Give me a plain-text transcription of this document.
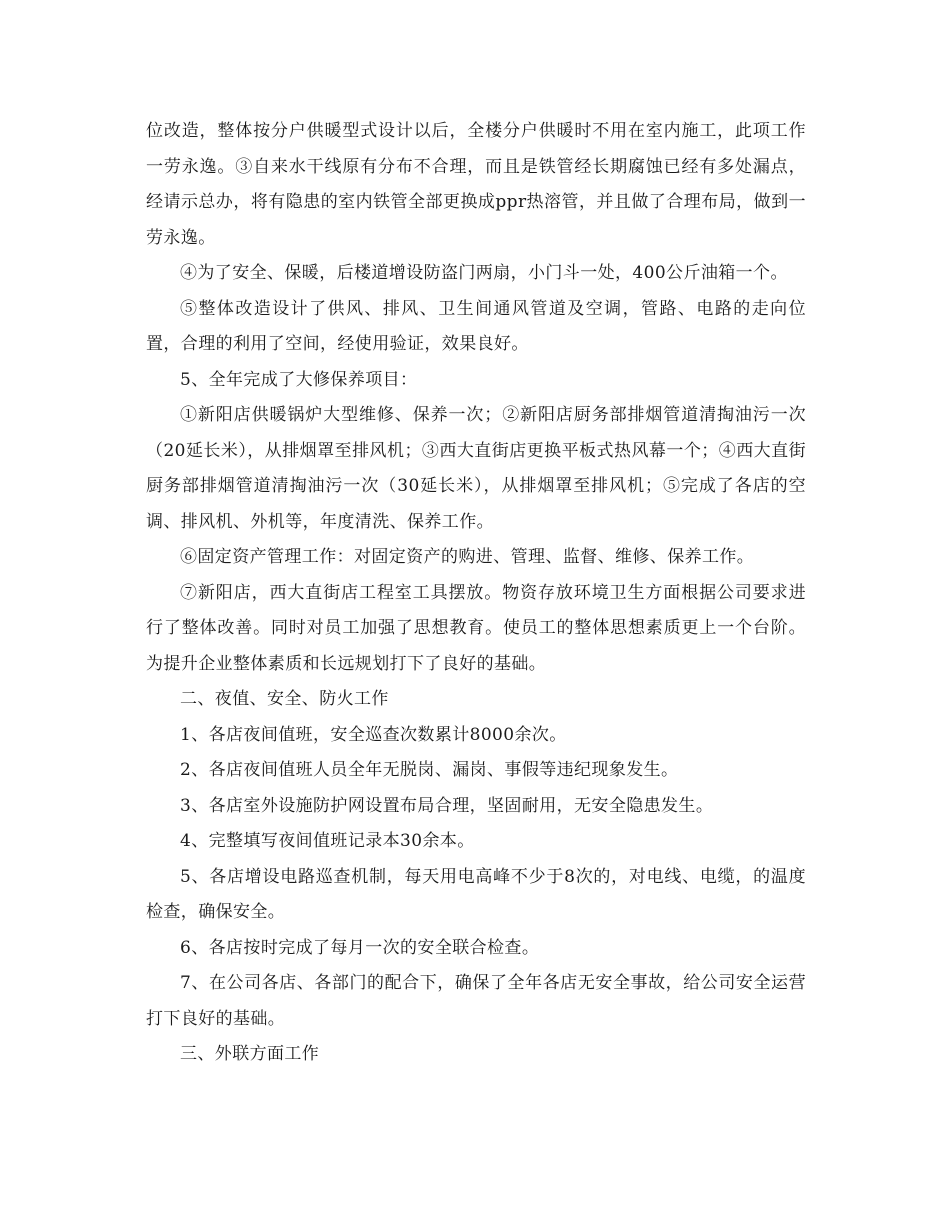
位改造，整体按分户供暖型式设计以后，全楼分户供暖时不用在室内施工，此项工作一劳永逸。③自来水干线原有分布不合理，而且是铁管经长期腐蚀已经有多处漏点，经请示总办，将有隐患的室内铁管全部更换成ppr热溶管，并且做了合理布局，做到一劳永逸。

④为了安全、保暖，后楼道增设防盗门两扇，小门斗一处，400公斤油箱一个。

⑤整体改造设计了供风、排风、卫生间通风管道及空调，管路、电路的走向位置，合理的利用了空间，经使用验证，效果良好。

5、全年完成了大修保养项目：

①新阳店供暖锅炉大型维修、保养一次；②新阳店厨务部排烟管道清掏油污一次（20延长米），从排烟罩至排风机；③西大直街店更换平板式热风幕一个；④西大直街厨务部排烟管道清掏油污一次（30延长米），从排烟罩至排风机；⑤完成了各店的空调、排风机、外机等，年度清洗、保养工作。

⑥固定资产管理工作：对固定资产的购进、管理、监督、维修、保养工作。

⑦新阳店，西大直街店工程室工具摆放。物资存放环境卫生方面根据公司要求进行了整体改善。同时对员工加强了思想教育。使员工的整体思想素质更上一个台阶。为提升企业整体素质和长远规划打下了良好的基础。

二、夜值、安全、防火工作

1、各店夜间值班，安全巡查次数累计8000余次。

2、各店夜间值班人员全年无脱岗、漏岗、事假等违纪现象发生。

3、各店室外设施防护网设置布局合理，坚固耐用，无安全隐患发生。

4、完整填写夜间值班记录本30余本。

5、各店增设电路巡查机制，每天用电高峰不少于8次的，对电线、电缆，的温度检查，确保安全。

6、各店按时完成了每月一次的安全联合检查。

7、在公司各店、各部门的配合下，确保了全年各店无安全事故，给公司安全运营打下良好的基础。

三、外联方面工作
